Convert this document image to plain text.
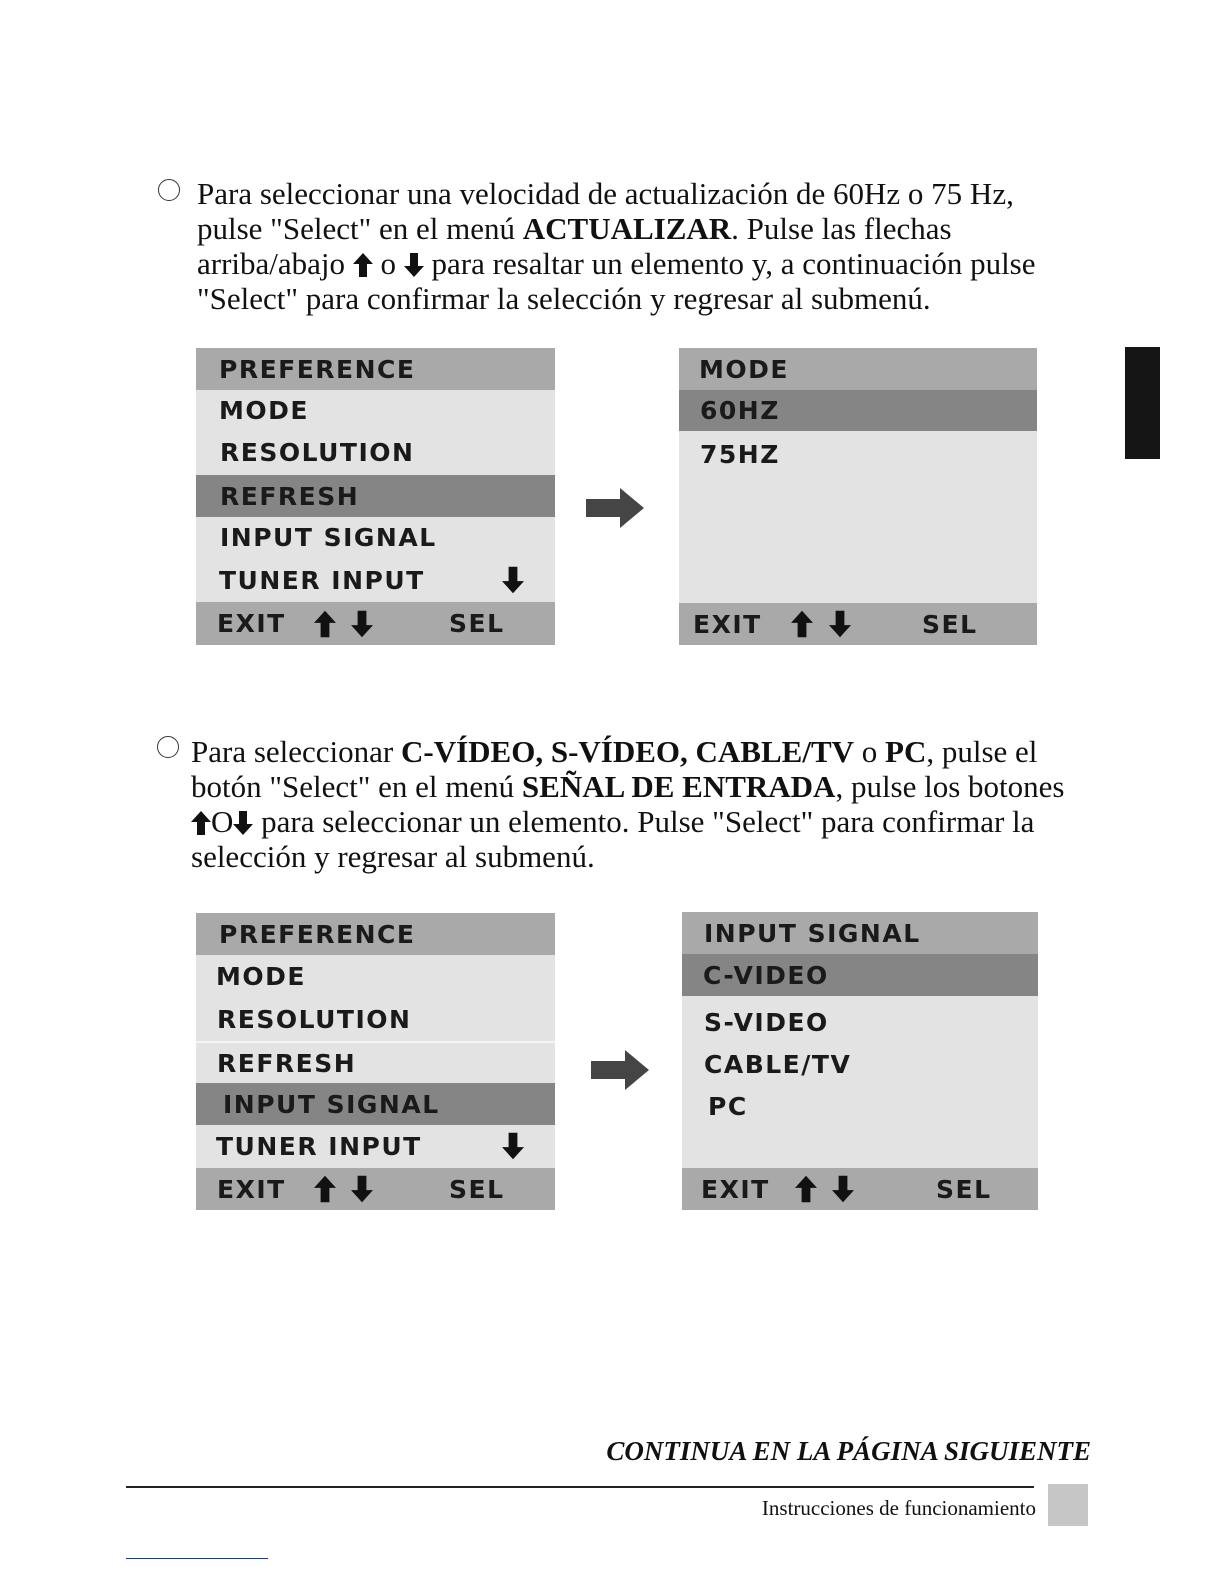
Para seleccionar una velocidad de actualización de 60Hz o 75 Hz,
pulse "Select" en el menú ACTUALIZAR. Pulse las flechas
arriba/abajo  o  para resaltar un elemento y, a continuación pulse
"Select" para confirmar la selección y regresar al submenú.
PREFERENCE
MODE
RESOLUTION
REFRESH
INPUT SIGNAL
TUNER INPUT
EXIT	SEL
MODE
60HZ
75HZ
EXIT	SEL
Para seleccionar C-VÍDEO, S-VÍDEO, CABLE/TV o PC, pulse el
botón "Select" en el menú SEÑAL DE ENTRADA, pulse los botones
O para seleccionar un elemento. Pulse "Select" para confirmar la
selección y regresar al submenú.
PREFERENCE
MODE
RESOLUTION
REFRESH
INPUT SIGNAL
TUNER INPUT
EXIT	SEL
INPUT SIGNAL
C-VIDEO
S-VIDEO
CABLE/TV
PC
EXIT	SEL
CONTINUA EN LA PÁGINA SIGUIENTE
Instrucciones de funcionamiento
